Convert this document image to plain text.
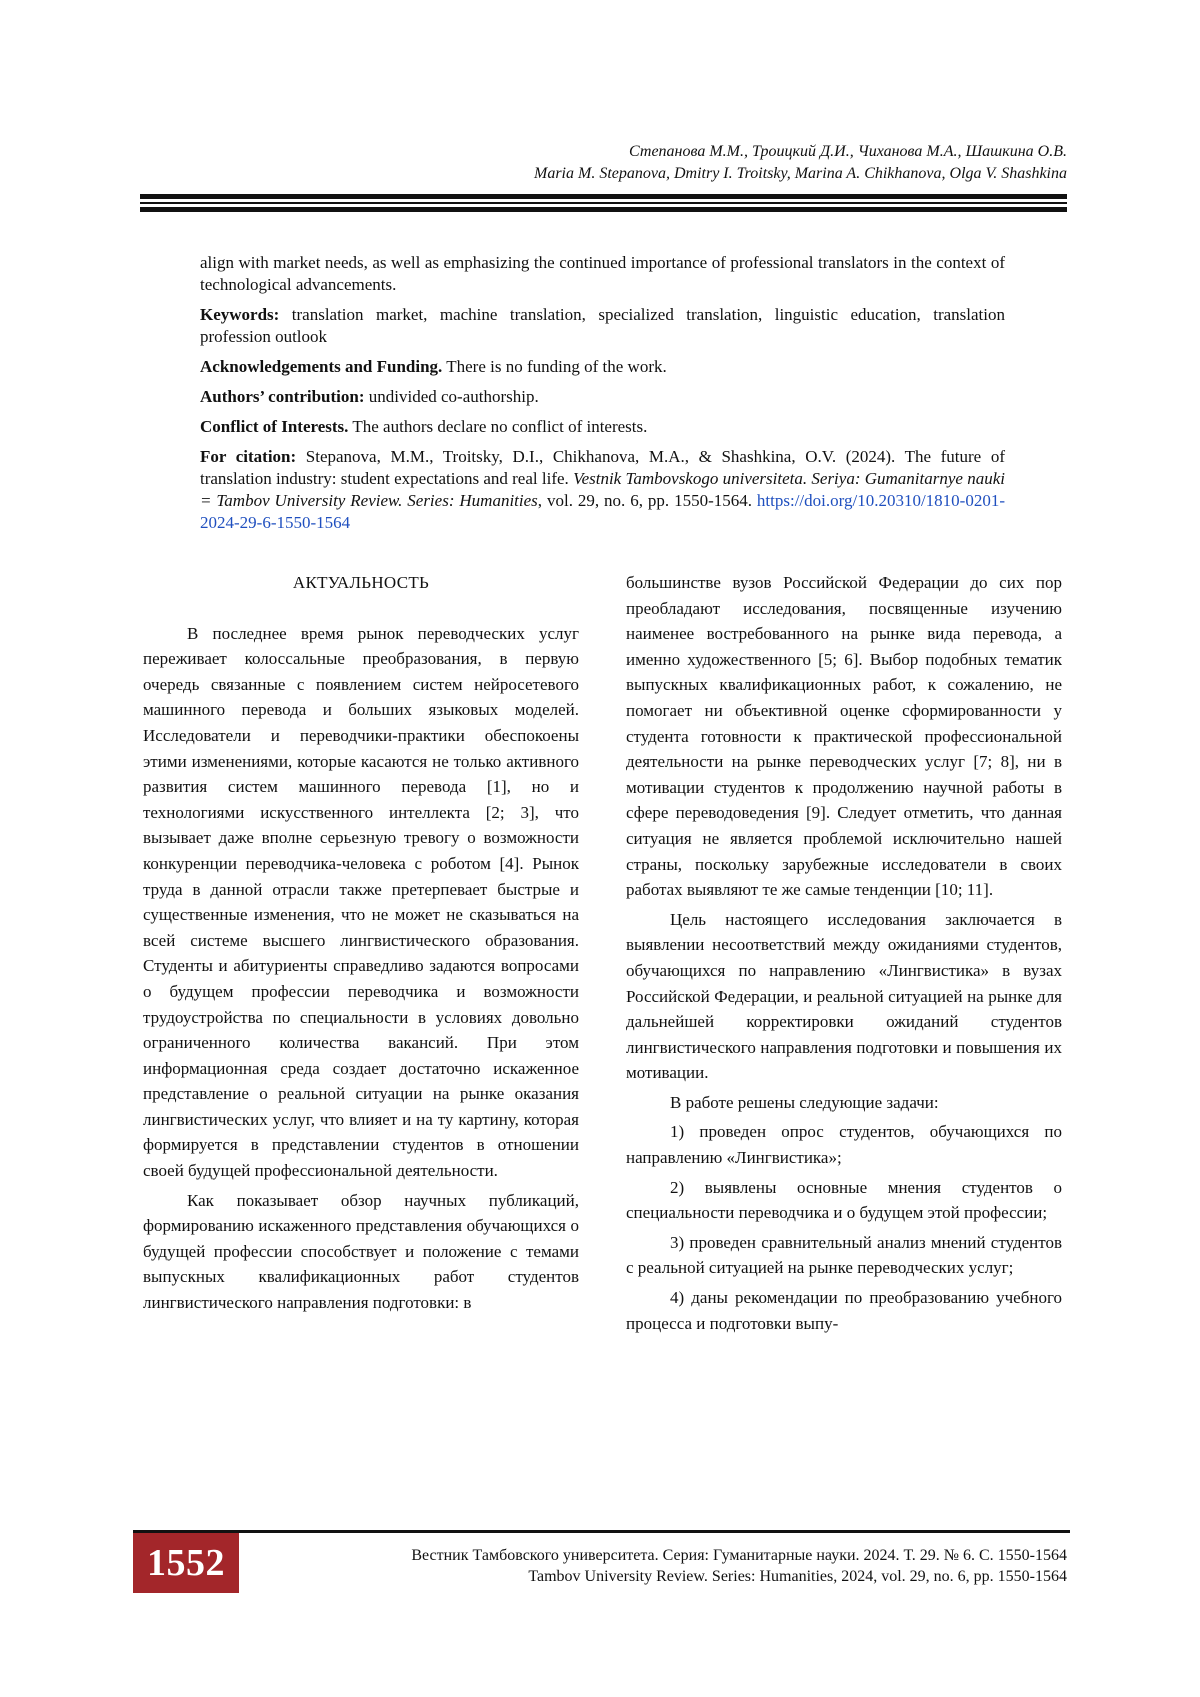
Степанова М.М., Троицкий Д.И., Чиханова М.А., Шашкина О.В.
Maria M. Stepanova, Dmitry I. Troitsky, Marina A. Chikhanova, Olga V. Shashkina

align with market needs, as well as emphasizing the continued importance of professional translators in the context of technological advancements.

Keywords: translation market, machine translation, specialized translation, linguistic education, translation profession outlook

Acknowledgements and Funding. There is no funding of the work.

Authors’ contribution: undivided co-authorship.

Conflict of Interests. The authors declare no conflict of interests.

For citation: Stepanova, M.M., Troitsky, D.I., Chikhanova, M.A., & Shashkina, O.V. (2024). The future of translation industry: student expectations and real life. Vestnik Tambovskogo universiteta. Seriya: Gumanitarnye nauki = Tambov University Review. Series: Humanities, vol. 29, no. 6, pp. 1550-1564. https://doi.org/10.20310/1810-0201-2024-29-6-1550-1564

АКТУАЛЬНОСТЬ

В последнее время рынок переводческих услуг переживает колоссальные преобразования, в первую очередь связанные с появлением систем нейросетевого машинного перевода и больших языковых моделей. Исследователи и переводчики-практики обеспокоены этими изменениями, которые касаются не только активного развития систем машинного перевода [1], но и технологиями искусственного интеллекта [2; 3], что вызывает даже вполне серьезную тревогу о возможности конкуренции переводчика-человека с роботом [4]. Рынок труда в данной отрасли также претерпевает быстрые и существенные изменения, что не может не сказываться на всей системе высшего лингвистического образования. Студенты и абитуриенты справедливо задаются вопросами о будущем профессии переводчика и возможности трудоустройства по специальности в условиях довольно ограниченного количества вакансий. При этом информационная среда создает достаточно искаженное представление о реальной ситуации на рынке оказания лингвистических услуг, что влияет и на ту картину, которая формируется в представлении студентов в отношении своей будущей профессиональной деятельности.

Как показывает обзор научных публикаций, формированию искаженного представления обучающихся о будущей профессии способствует и положение с темами выпускных квалификационных работ студентов лингвистического направления подготовки: в

большинстве вузов Российской Федерации до сих пор преобладают исследования, посвященные изучению наименее востребованного на рынке вида перевода, а именно художественного [5; 6]. Выбор подобных тематик выпускных квалификационных работ, к сожалению, не помогает ни объективной оценке сформированности у студента готовности к практической профессиональной деятельности на рынке переводческих услуг [7; 8], ни в мотивации студентов к продолжению научной работы в сфере переводоведения [9]. Следует отметить, что данная ситуация не является проблемой исключительно нашей страны, поскольку зарубежные исследователи в своих работах выявляют те же самые тенденции [10; 11].

Цель настоящего исследования заключается в выявлении несоответствий между ожиданиями студентов, обучающихся по направлению «Лингвистика» в вузах Российской Федерации, и реальной ситуацией на рынке для дальнейшей корректировки ожиданий студентов лингвистического направления подготовки и повышения их мотивации.

В работе решены следующие задачи:

1) проведен опрос студентов, обучающихся по направлению «Лингвистика»;

2) выявлены основные мнения студентов о специальности переводчика и о будущем этой профессии;

3) проведен сравнительный анализ мнений студентов с реальной ситуацией на рынке переводческих услуг;

4) даны рекомендации по преобразованию учебного процесса и подготовки выпу-

1552	Вестник Тамбовского университета. Серия: Гуманитарные науки. 2024. Т. 29. № 6. С. 1550-1564
Tambov University Review. Series: Humanities, 2024, vol. 29, no. 6, pp. 1550-1564
